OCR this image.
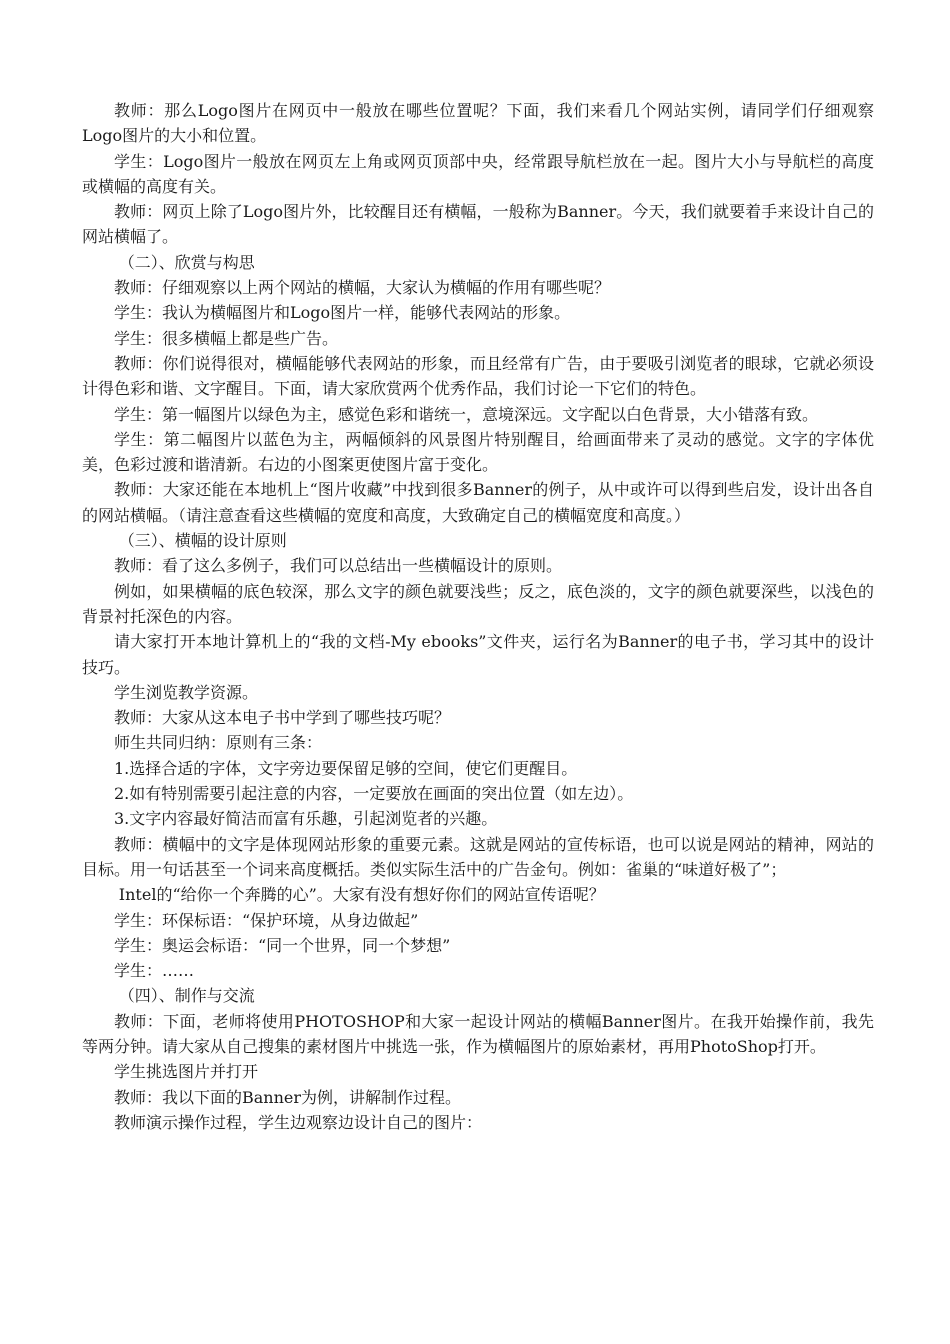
教师：那么Logo图片在网页中一般放在哪些位置呢？下面，我们来看几个网站实例，请同学们仔细观察Logo图片的大小和位置。

学生：Logo图片一般放在网页左上角或网页顶部中央，经常跟导航栏放在一起。图片大小与导航栏的高度或横幅的高度有关。

教师：网页上除了Logo图片外，比较醒目还有横幅，一般称为Banner。今天，我们就要着手来设计自己的网站横幅了。

（二）、欣赏与构思

教师：仔细观察以上两个网站的横幅，大家认为横幅的作用有哪些呢？

学生：我认为横幅图片和Logo图片一样，能够代表网站的形象。

学生：很多横幅上都是些广告。

教师：你们说得很对，横幅能够代表网站的形象，而且经常有广告，由于要吸引浏览者的眼球，它就必须设计得色彩和谐、文字醒目。下面，请大家欣赏两个优秀作品，我们讨论一下它们的特色。

学生：第一幅图片以绿色为主，感觉色彩和谐统一，意境深远。文字配以白色背景，大小错落有致。

学生：第二幅图片以蓝色为主，两幅倾斜的风景图片特别醒目，给画面带来了灵动的感觉。文字的字体优美，色彩过渡和谐清新。右边的小图案更使图片富于变化。

教师：大家还能在本地机上“图片收藏”中找到很多Banner的例子，从中或许可以得到些启发，设计出各自的网站横幅。（请注意查看这些横幅的宽度和高度，大致确定自己的横幅宽度和高度。）

（三）、横幅的设计原则

教师：看了这么多例子，我们可以总结出一些横幅设计的原则。

例如，如果横幅的底色较深，那么文字的颜色就要浅些；反之，底色淡的，文字的颜色就要深些，以浅色的背景衬托深色的内容。

请大家打开本地计算机上的“我的文档-My ebooks”文件夹，运行名为Banner的电子书，学习其中的设计技巧。

学生浏览教学资源。

教师：大家从这本电子书中学到了哪些技巧呢？

师生共同归纳：原则有三条：

1.选择合适的字体，文字旁边要保留足够的空间，使它们更醒目。

2.如有特别需要引起注意的内容，一定要放在画面的突出位置（如左边）。

3.文字内容最好简洁而富有乐趣，引起浏览者的兴趣。

教师：横幅中的文字是体现网站形象的重要元素。这就是网站的宣传标语，也可以说是网站的精神，网站的目标。用一句话甚至一个词来高度概括。类似实际生活中的广告金句。例如：雀巢的“味道好极了”；

Intel的“给你一个奔腾的心”。大家有没有想好你们的网站宣传语呢？

学生：环保标语：“保护环境，从身边做起”

学生：奥运会标语：“同一个世界，同一个梦想”

学生：……

（四）、制作与交流

教师：下面，老师将使用PHOTOSHOP和大家一起设计网站的横幅Banner图片。在我开始操作前，我先等两分钟。请大家从自己搜集的素材图片中挑选一张，作为横幅图片的原始素材，再用PhotoShop打开。

学生挑选图片并打开

教师：我以下面的Banner为例，讲解制作过程。

教师演示操作过程，学生边观察边设计自己的图片：
